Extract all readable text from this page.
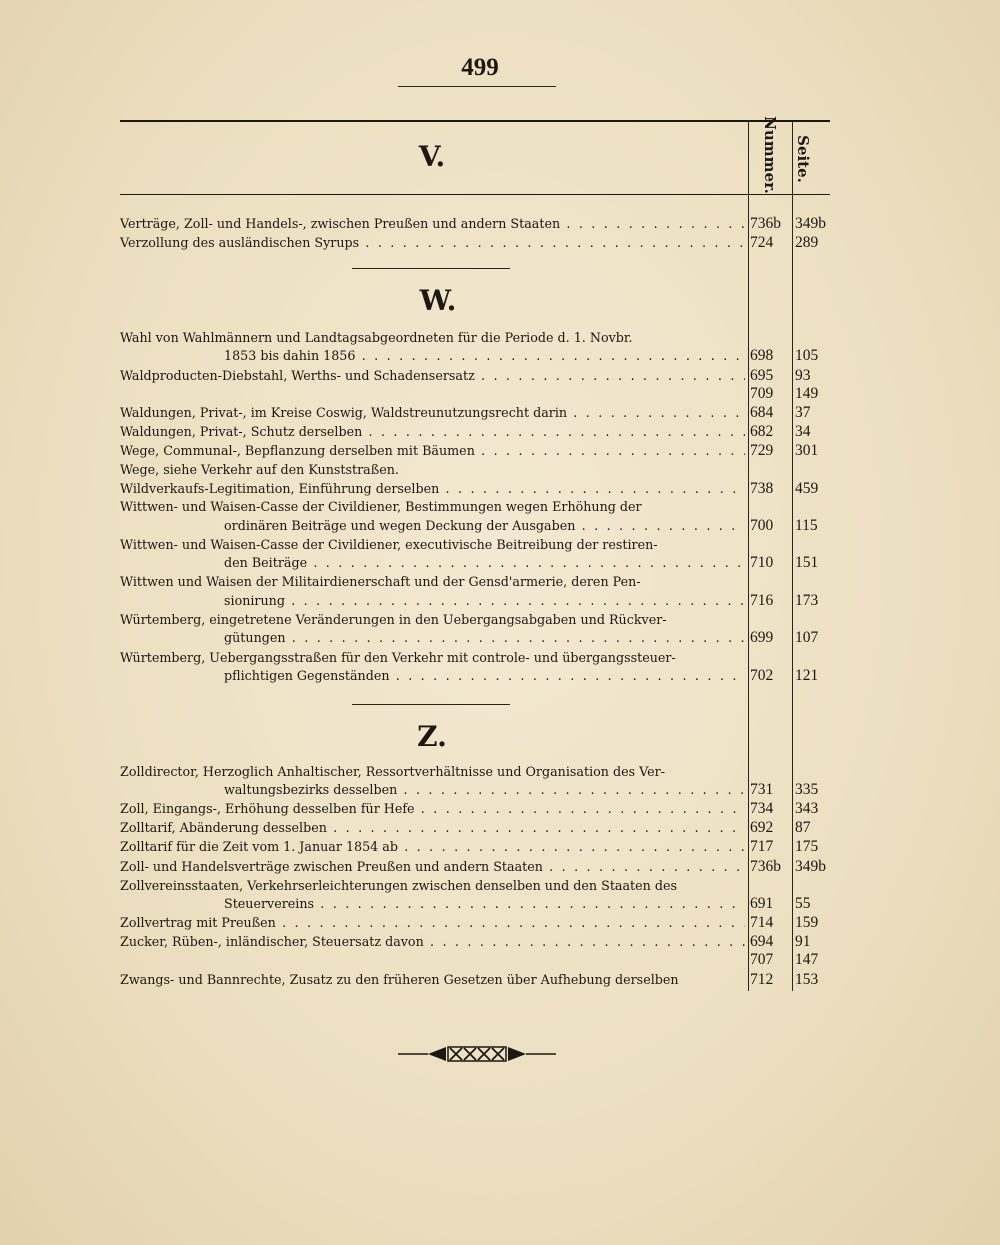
499
Nummer. Seite.
V.
Verträge, Zoll- und Handels-, zwischen Preußen und andern Staaten . . .	736b 349b
Verzollung des ausländischen Syrups . . .	724	289
W.
Wahl von Wahlmännern und Landtagsabgeordneten für die Periode d. 1. Novbr.
1853 bis dahin 1856 . . .	698	105
Waldproducten-Diebstahl, Werths- und Schadensersatz . . .	695	93
709	149
Waldungen, Privat-, im Kreise Coswig, Waldstreunutzungsrecht darin . . .	684	37
Waldungen, Privat-, Schutz derselben . . .	682	34
Wege, Communal-, Bepflanzung derselben mit Bäumen . . .	729	301
Wege, siehe Verkehr auf den Kunststraßen.
Wildverkaufs-Legitimation, Einführung derselben . . .	738	459
Wittwen- und Waisen-Casse der Civildiener, Bestimmungen wegen Erhöhung der
ordinären Beiträge und wegen Deckung der Ausgaben . . .	700	115
Wittwen- und Waisen-Casse der Civildiener, executivische Beitreibung der restiren-
den Beiträge . . .	710	151
Wittwen und Waisen der Militairdienerschaft und der Gensd'armerie, deren Pen-
sionirung . . .	716	173
Würtemberg, eingetretene Veränderungen in den Uebergangsabgaben und Rückver-
gütungen . . .	699	107
Würtemberg, Uebergangsstraßen für den Verkehr mit controle- und übergangssteuer-
pflichtigen Gegenständen . . .	702	121
Z.
Zolldirector, Herzoglich Anhaltischer, Ressortverhältnisse und Organisation des Ver-
waltungsbezirks desselben . . .	731	335
Zoll, Eingangs-, Erhöhung desselben für Hefe . . .	734	343
Zolltarif, Abänderung desselben . . .	692	87
Zolltarif für die Zeit vom 1. Januar 1854 ab . . .	717	175
Zoll- und Handelsverträge zwischen Preußen und andern Staaten . . .	736b 349b
Zollvereinsstaaten, Verkehrserleichterungen zwischen denselben und den Staaten des
Steuervereins . . .	691	55
Zollvertrag mit Preußen . . .	714	159
Zucker, Rüben-, inländischer, Steuersatz davon . . .	694	91
707	147
Zwangs- und Bannrechte, Zusatz zu den früheren Gesetzen über Aufhebung derselben	712	153
